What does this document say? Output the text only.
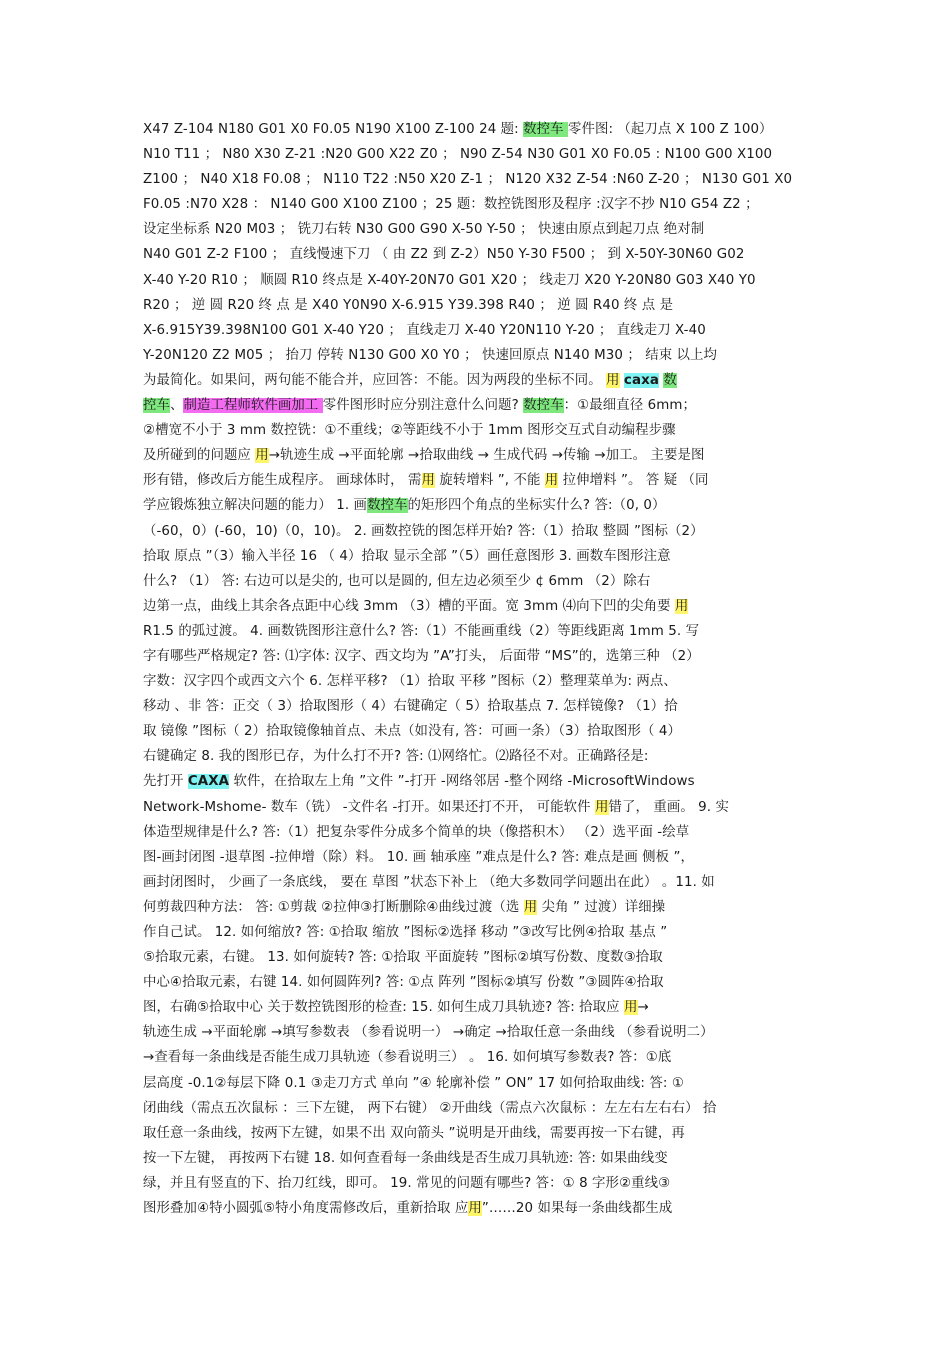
X47 Z-104 N180 G01 X0 F0.05 N190 X100 Z-100 24 题: 数控车 零件图: （起刀点 X 100 Z 100）
N10 T11 ； N80 X30 Z-21 :N20 G00 X22 Z0 ； N90 Z-54 N30 G01 X0 F0.05 : N100 G00 X100
Z100 ； N40 X18 F0.08 ； N110 T22 :N50 X20 Z-1 ； N120 X32 Z-54 :N60 Z-20 ； N130 G01 X0
F0.05 :N70 X28 ： N140 G00 X100 Z100 ；25 题：数控铣图形及程序 :汉字不抄 N10 G54 Z2 ；
设定坐标系 N20 M03 ； 铣刀右转 N30 G00 G90 X-50 Y-50 ； 快速由原点到起刀点 绝对制
N40 G01 Z-2 F100 ； 直线慢速下刀 （ 由 Z2 到 Z-2）N50 Y-30 F500 ； 到 X-50Y-30N60 G02
X-40 Y-20 R10 ； 顺圆 R10 终点是 X-40Y-20N70 G01 X20 ； 线走刀 X20 Y-20N80 G03 X40 Y0
R20 ； 逆 圆 R20 终 点 是 X40 Y0N90 X-6.915 Y39.398 R40 ； 逆 圆 R40 终 点 是
X-6.915Y39.398N100 G01 X-40 Y20 ； 直线走刀 X-40 Y20N110 Y-20 ； 直线走刀 X-40
Y-20N120 Z2 M05 ； 抬刀 停转 N130 G00 X0 Y0 ； 快速回原点 N140 M30 ； 结束 以上均
为最简化。如果问，两句能不能合并，应回答：不能。因为两段的坐标不同。 用 caxa 数
控车、制造工程师软件画加工 零件图形时应分别注意什么问题? 数控车：①最细直径 6mm；
②槽宽不小于 3 mm 数控铣：①不重线；②等距线不小于 1mm 图形交互式自动编程步骤
及所碰到的问题应 用→轨迹生成 →平面轮廓 →拾取曲线 → 生成代码 →传输 →加工。 主要是图
形有错，修改后方能生成程序。 画球体时， 需用 旋转增料 ”, 不能 用 拉伸增料 ”。 答 疑 （同
学应锻炼独立解决问题的能力） 1. 画数控车的矩形四个角点的坐标实什么? 答:（0, 0）
（-60，0）(-60，10)（0，10)。 2. 画数控铣的图怎样开始? 答:（1）拾取 整圆 ”图标（2）
拾取 原点 ”（3）输入半径 16 （ 4）拾取 显示全部 ”（5）画任意图形 3. 画数车图形注意
什么? （1） 答: 右边可以是尖的, 也可以是圆的, 但左边必须至少 ¢ 6mm （2）除右
边第一点，曲线上其余各点距中心线 3mm （3）槽的平面。宽 3mm ⑷向下凹的尖角要 用
R1.5 的弧过渡。 4. 画数铣图形注意什么? 答:（1）不能画重线（2）等距线距离 1mm 5. 写
字有哪些严格规定? 答: ⑴字体: 汉字、西文均为 ”A”打头， 后面带 “MS”的，选第三种 （2）
字数：汉字四个或西文六个 6. 怎样平移? （1）拾取 平移 ”图标（2）整理菜单为: 两点、
移动 、非 答：正交（ 3）拾取图形（ 4）右键确定（ 5）拾取基点 7. 怎样镜像? （1）拾
取 镜像 ”图标（ 2）拾取镜像轴首点、未点（如没有, 答：可画一条）（3）拾取图形（ 4）
右键确定 8. 我的图形已存，为什么打不开? 答: ⑴网络忙。⑵路径不对。正确路径是:
先打开 CAXA 软件，在拾取左上角 ”文件 ”-打开 -网络邻居 -整个网络 -MicrosoftWindows
Network-Mshome- 数车（铣） -文件名 -打开。如果还打不开， 可能软件 用错了， 重画。 9. 实
体造型规律是什么? 答:（1）把复杂零件分成多个简单的块（像搭积木） （2）选平面 -绘草
图-画封闭图 -退草图 -拉伸增（除）料。 10. 画 轴承座 ”难点是什么? 答: 难点是画 侧板 ”，
画封闭图时， 少画了一条底线， 要在 草图 ”状态下补上 （绝大多数同学问题出在此） 。11. 如
何剪裁四种方法： 答: ①剪裁 ②拉伸③打断删除④曲线过渡（选 用 尖角 ” 过渡）详细操
作自己试。 12. 如何缩放? 答: ①拾取 缩放 ”图标②选择 移动 ”③改写比例④拾取 基点 ”
⑤拾取元素，右键。 13. 如何旋转? 答: ①拾取 平面旋转 ”图标②填写份数、度数③拾取
中心④拾取元素，右键 14. 如何圆阵列? 答: ①点 阵列 ”图标②填写 份数 ”③圆阵④拾取
图，右确⑤拾取中心 关于数控铣图形的检查: 15. 如何生成刀具轨迹? 答: 拾取应 用→
轨迹生成 →平面轮廓 →填写参数表 （参看说明一） →确定 →拾取任意一条曲线 （参看说明二）
→查看每一条曲线是否能生成刀具轨迹（参看说明三） 。 16. 如何填写参数表? 答：①底
层高度 -0.1②每层下降 0.1 ③走刀方式 单向 ”④ 轮廓补偿 ” ON” 17 如何拾取曲线: 答: ①
闭曲线（需点五次鼠标 ：三下左键， 两下右键） ②开曲线（需点六次鼠标 ：左左右左右右） 拾
取任意一条曲线，按两下左键，如果不出 双向箭头 ”说明是开曲线，需要再按一下右键，再
按一下左键， 再按两下右键 18. 如何查看每一条曲线是否生成刀具轨迹: 答: 如果曲线变
绿，并且有竖直的下、抬刀红线，即可。 19. 常见的问题有哪些? 答：① 8 字形②重线③
图形叠加④特小圆弧⑤特小角度需修改后，重新拾取 应用”……20 如果每一条曲线都生成
